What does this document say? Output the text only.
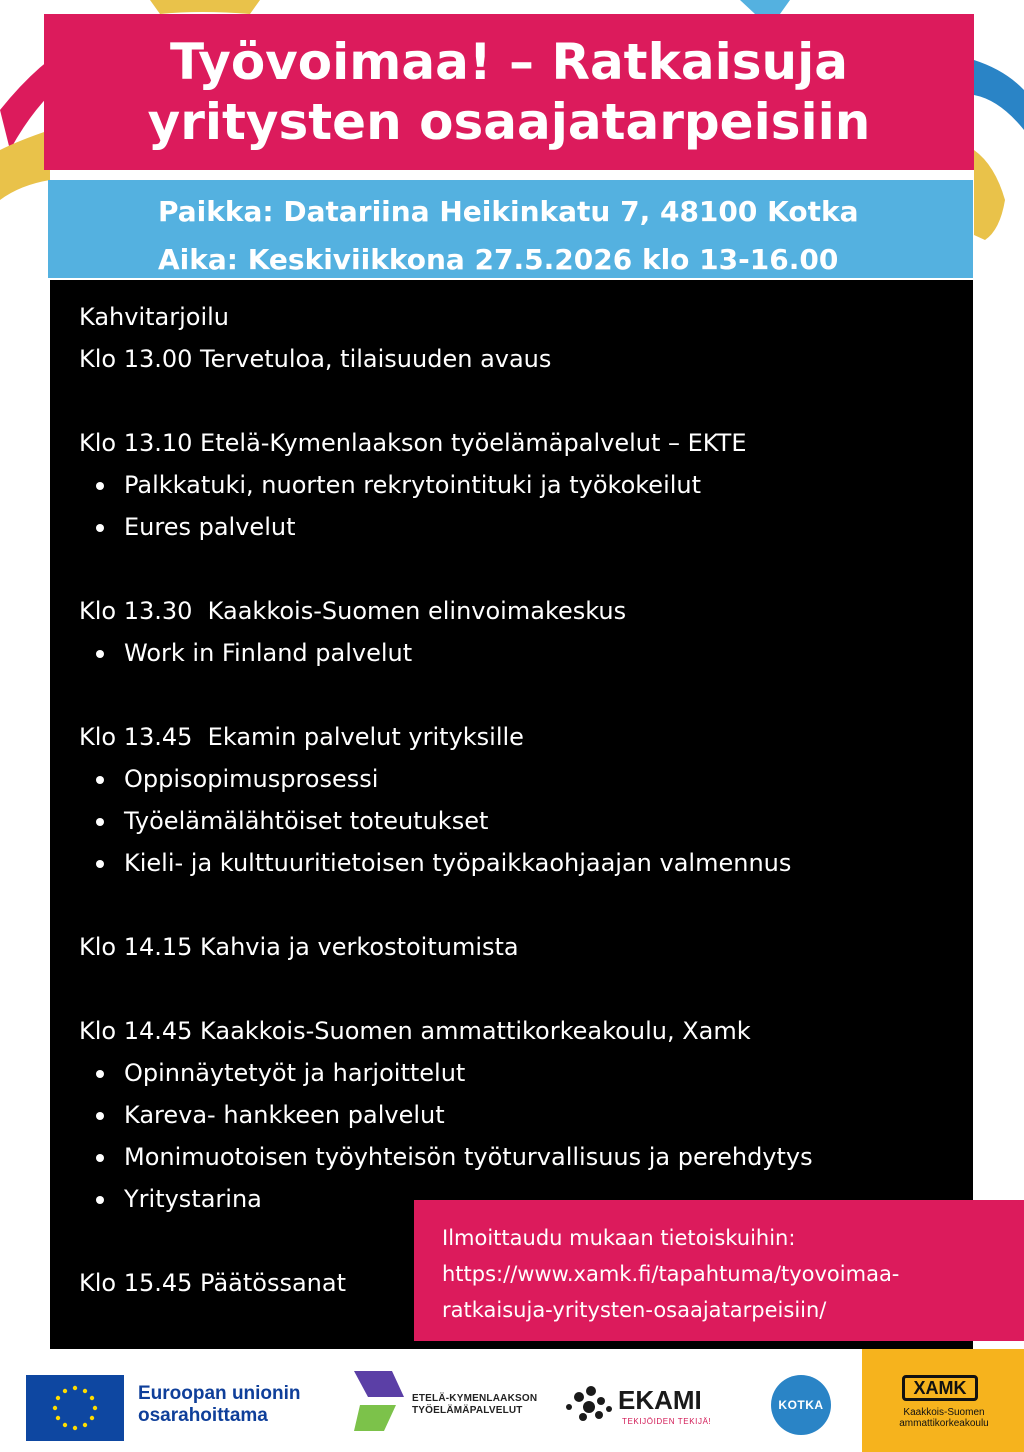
Työvoimaa! – Ratkaisuja
yritysten osaajatarpeisiin
Paikka: Datariina Heikinkatu 7, 48100 Kotka
Aika: Keskiviikkona 27.5.2026 klo 13-16.00
Kahvitarjoilu
Klo 13.00 Tervetuloa, tilaisuuden avaus
Klo 13.10 Etelä-Kymenlaakson työelämäpalvelut – EKTE
Palkkatuki, nuorten rekrytointituki ja työkokeilut
Eures palvelut
Klo 13.30  Kaakkois-Suomen elinvoimakeskus
Work in Finland palvelut
Klo 13.45  Ekamin palvelut yrityksille
Oppisopimusprosessi
Työelämälähtöiset toteutukset
Kieli- ja kulttuuritietoisen työpaikkaohjaajan valmennus
Klo 14.15 Kahvia ja verkostoitumista
Klo 14.45 Kaakkois-Suomen ammattikorkeakoulu, Xamk
Opinnäytetyöt ja harjoittelut
Kareva- hankkeen palvelut
Monimuotoisen työyhteisön työturvallisuus ja perehdytys
Yritystarina
Klo 15.45 Päätössanat
Ilmoittaudu mukaan tietoiskuihin:
https://www.xamk.fi/tapahtuma/tyovoimaa-
ratkaisuja-yritysten-osaajatarpeisiin/
Euroopan unionin
osarahoittama
ETELÄ-KYMENLAAKSON
TYÖELÄMÄPALVELUT	EKAMI
TEKIJÖIDEN TEKIJÄ!
KOTKA
XAMK
Kaakkois-Suomen
ammattikorkeakoulu
